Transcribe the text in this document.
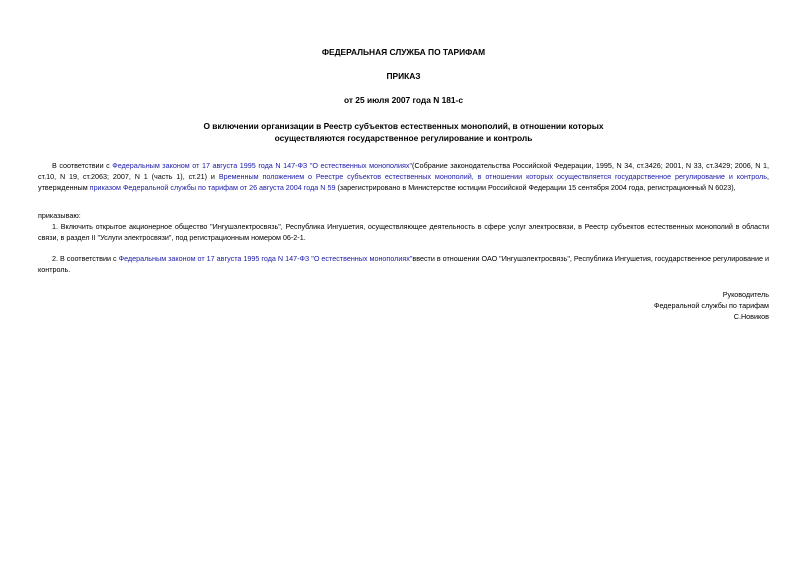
ФЕДЕРАЛЬНАЯ СЛУЖБА ПО ТАРИФАМ

ПРИКАЗ

от 25 июля 2007 года N 181-с

О включении организации в Реестр субъектов естественных монополий, в отношении которых
осуществляются государственное регулирование и контроль

В соответствии с Федеральным законом от 17 августа 1995 года N 147-ФЗ "О естественных монополиях"(Собрание законодательства Российской Федерации, 1995, N 34, ст.3426; 2001, N 33, ст.3429; 2006, N 1, ст.10, N 19, ст.2063; 2007, N 1 (часть 1), ст.21) и Временным положением о Реестре субъектов естественных монополий, в отношении которых осуществляется государственное регулирование и контроль, утвержденным приказом Федеральной службы по тарифам от 26 августа 2004 года N 59 (зарегистрировано в Министерстве юстиции Российской Федерации 15 сентября 2004 года, регистрационный N 6023),

приказываю:

1. Включить открытое акционерное общество "Ингушэлектросвязь", Республика Ингушетия, осуществляющее деятельность в сфере услуг электросвязи, в Реестр субъектов естественных монополий в области связи, в раздел II "Услуги электросвязи", под регистрационным номером 06-2-1.

2. В соответствии с Федеральным законом от 17 августа 1995 года N 147-ФЗ "О естественных монополиях"ввести в отношении ОАО "Ингушэлектросвязь", Республика Ингушетия, государственное регулирование и контроль.

Руководитель
Федеральной службы по тарифам
С.Новиков
